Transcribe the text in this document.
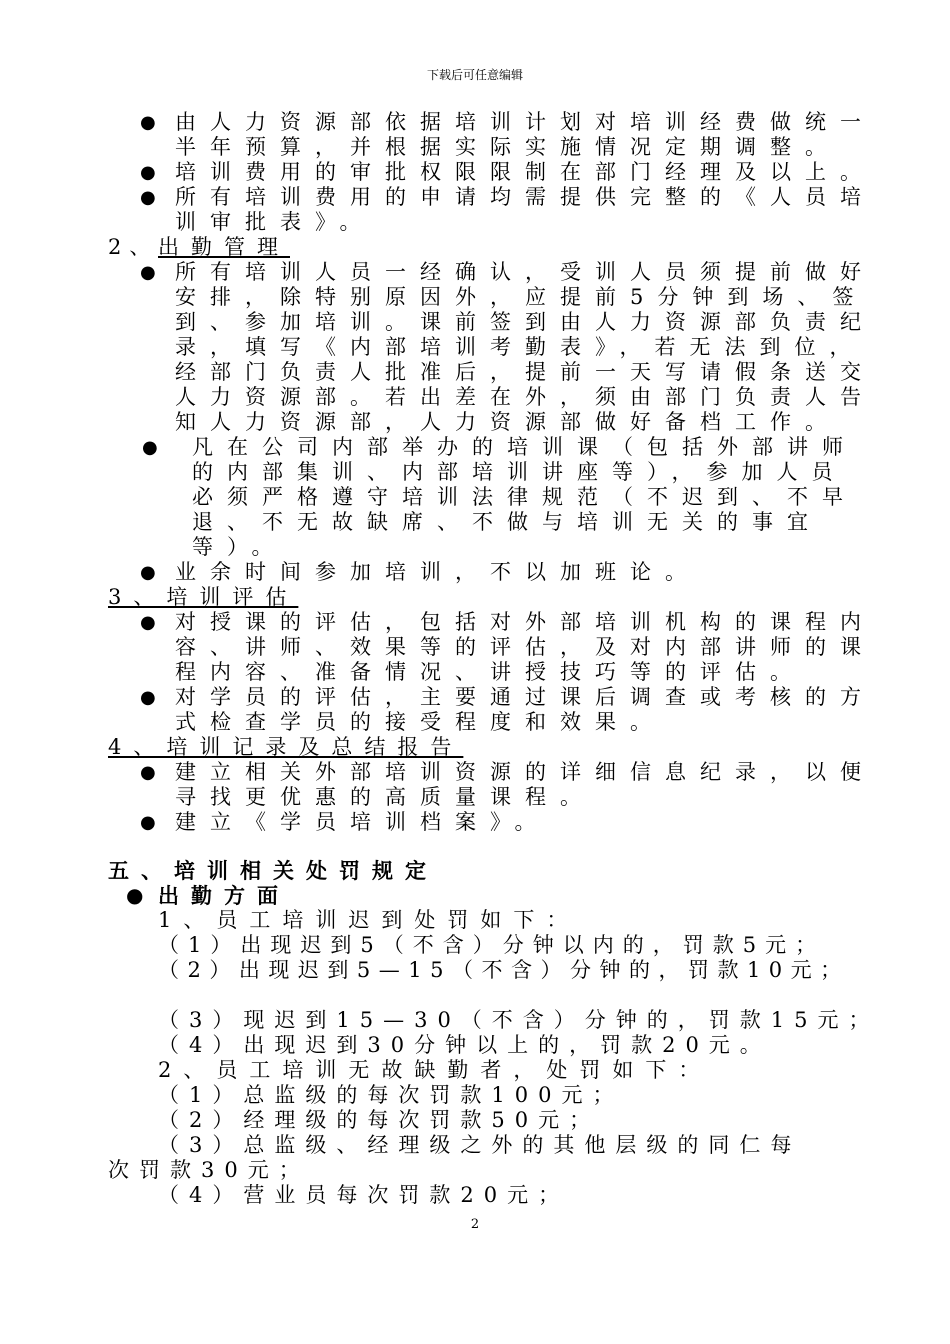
下载后可任意编辑
● 由人力资源部依据培训计划对培训经费做统一
半年预算，并根据实际实施情况定期调整。
● 培训费用的审批权限限制在部门经理及以上。
● 所有培训费用的申请均需提供完整的《人员培
训审批表》。
2、 出勤管理
● 所有培训人员一经确认，受训人员须提前做好
安排，除特别原因外，应提前5分钟到场、签
到、参加培训。课前签到由人力资源部负责纪
录，填写《内部培训考勤表》，若无法到位，
经部门负责人批准后，提前一天写请假条送交
人力资源部。若出差在外，须由部门负责人告
知人力资源部，人力资源部做好备档工作。
● 凡在公司内部举办的培训课（包括外部讲师
的内部集训、内部培训讲座等），参加人员
必须严格遵守培训法律规范（不迟到、不早
退、不无故缺席、不做与培训无关的事宜
等）。
● 业余时间参加培训，不以加班论。
3、培训评估
● 对授课的评估，包括对外部培训机构的课程内
容、讲师、效果等的评估，及对内部讲师的课
程内容、准备情况、讲授技巧等的评估。
● 对学员的评估，主要通过课后调查或考核的方
式检查学员的接受程度和效果。
4、培训记录及总结报告
● 建立相关外部培训资源的详细信息纪录，以便
寻找更优惠的高质量课程。
● 建立《学员培训档案》。
五、培训相关处罚规定
● 出勤方面
1、员工培训迟到处罚如下：
（1）出现迟到5（不含）分钟以内的，罚款5元；
（2）出现迟到5—15（不含）分钟的，罚款10元；
（3）现迟到15—30（不含）分钟的，罚款15元；
（4）出现迟到30分钟以上的，罚款20元。
2、员工培训无故缺勤者，处罚如下：
（1）总监级的每次罚款100元；
（2）经理级的每次罚款50元；
（3）总监级、经理级之外的其他层级的同仁每
次罚款30元；
（4）营业员每次罚款20元；
2
